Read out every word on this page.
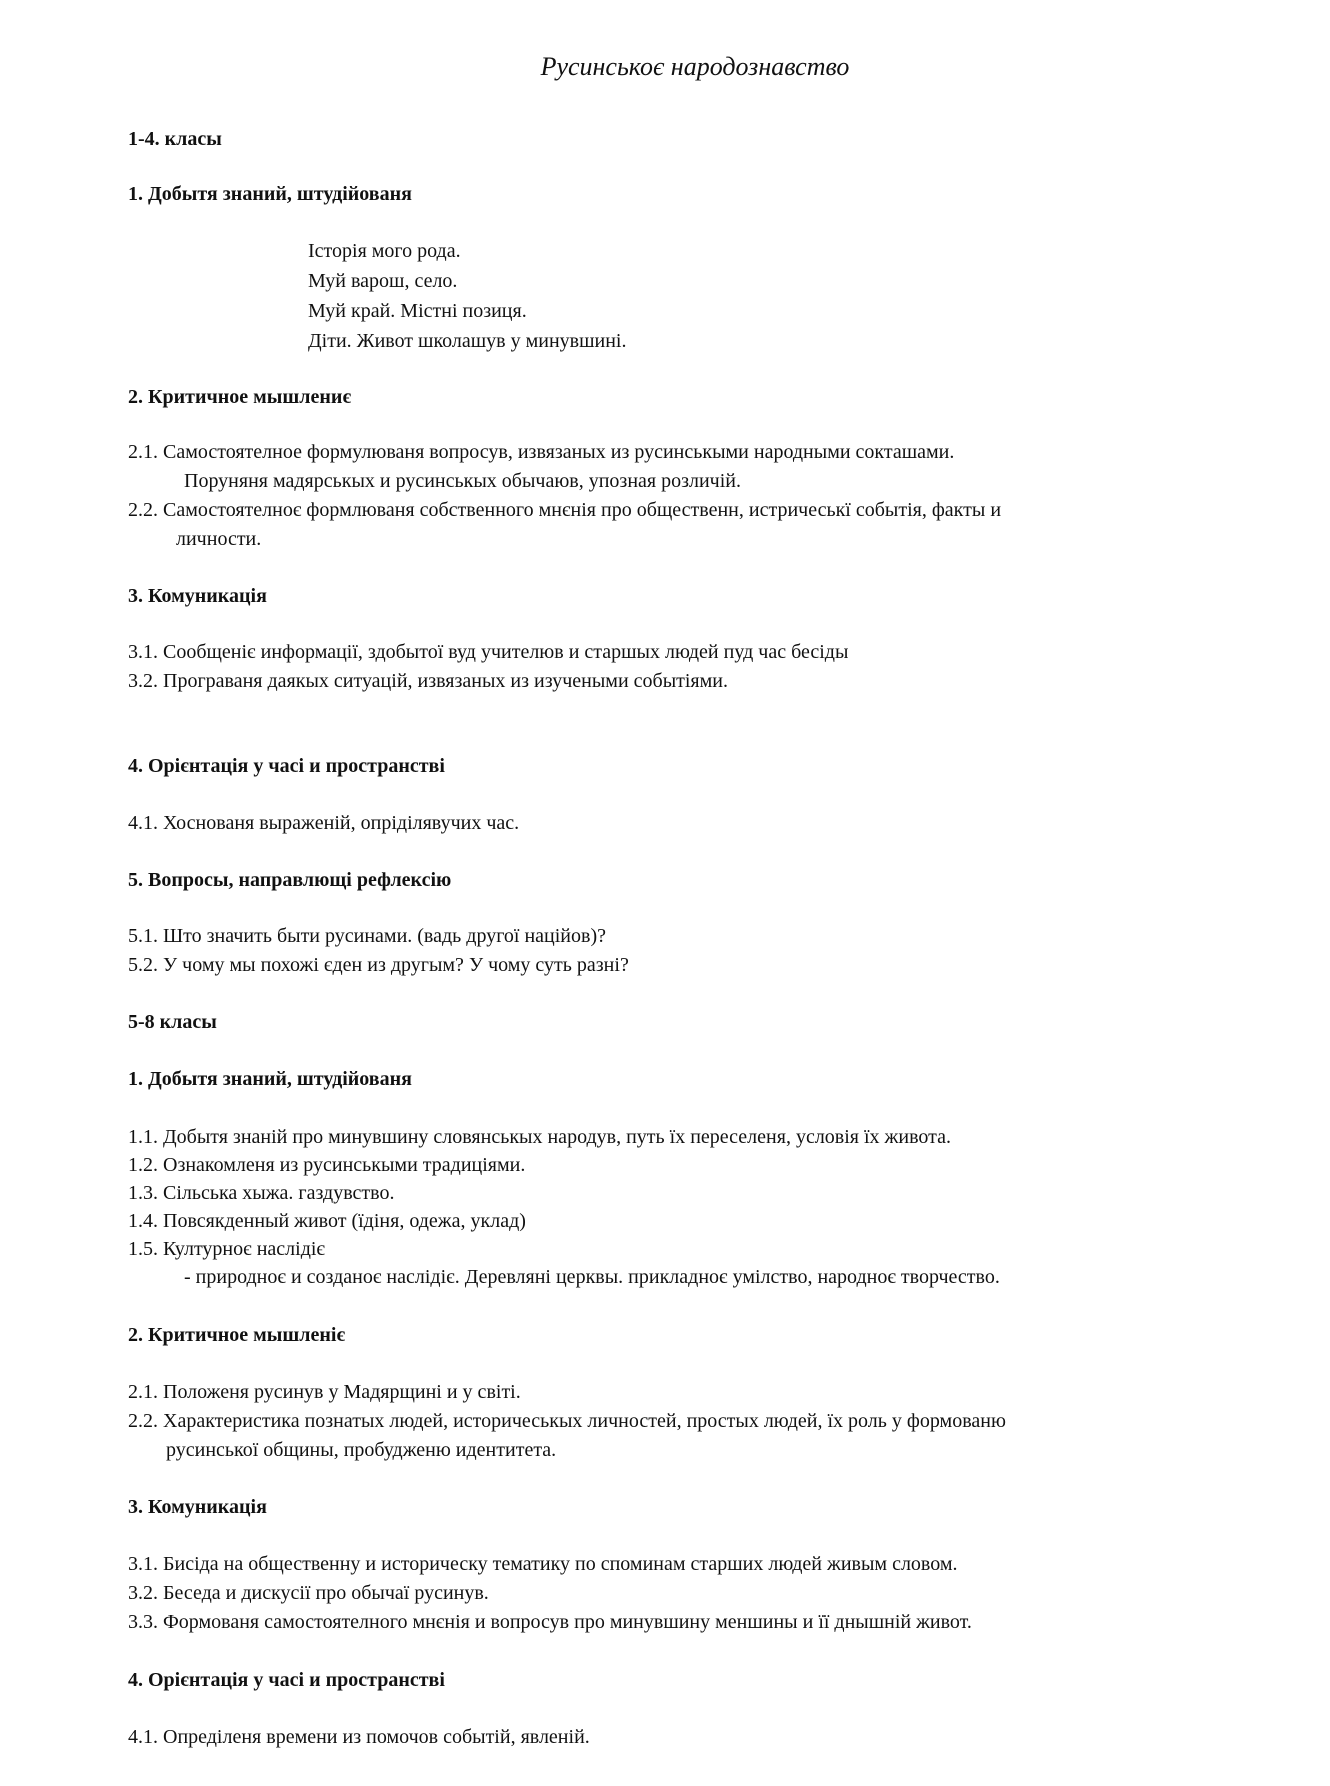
Русинськоє народознавство
1-4. класы
1. Добытя знаний, штудійованя
Історія мого рода.
Муй варош, село.
Муй край. Містні позиця.
Діти. Живот школашув у минувшині.
2. Критичное мышлениє
2.1. Самостоятелное формулюваня вопросув, извязаных из русинськыми народными сокташами.
Поруняня мадярськых и русинськых обычаюв, упозная розличій.
2.2. Самостоятелноє формлюваня собственного мнєнія про общественн, истричеськї событія, факты и
личности.
3. Комуникація
3.1. Сообщеніє информації, здобытої вуд учителюв и старшых людей пуд час бесіды
3.2. Програваня даякых ситуацій, извязаных из изучеными событіями.
4. Орієнтація у часі и пространстві
4.1. Хоснованя выражeній, опріділявучих час.
5. Вопросы, направлющі рефлексію
5.1. Што значить быти русинами. (вадь другої наційов)?
5.2. У чому мы похожі єден из другым? У чому суть разні?
5-8 класы
1. Добытя знаний, штудійованя
1.1. Добытя знаній про минувшину словянськых народув, путь їх переселеня, условія їх живота.
1.2. Ознакомленя из русинськыми традиціями.
1.3. Сільська хыжа. газдувство.
1.4. Повсякденный живот (їдіня, одежа, уклад)
1.5. Културноє наслідіє
- природноє и созданоє наслідіє. Деревляні церквы. прикладноє умілство, народноє творчество.
2. Критичное мышленіє
2.1. Положеня русинув у Мадярщині и у світі.
2.2. Характеристика познатых людей, историчеськых личностей, простых людей, їх роль у формованю
русинської общины, пробудженю идентитета.
3. Комуникація
3.1. Бисіда на общественну и историческу тематику по споминам старших людей живым словом.
3.2. Беседа и дискусії про обычаї русинув.
3.3. Формованя самостоятелного мнєнія и вопросув про минувшину меншины и її днышній живот.
4. Орієнтація у часі и пространстві
4.1. Опреділеня времени из помочов событій, явлeній.
